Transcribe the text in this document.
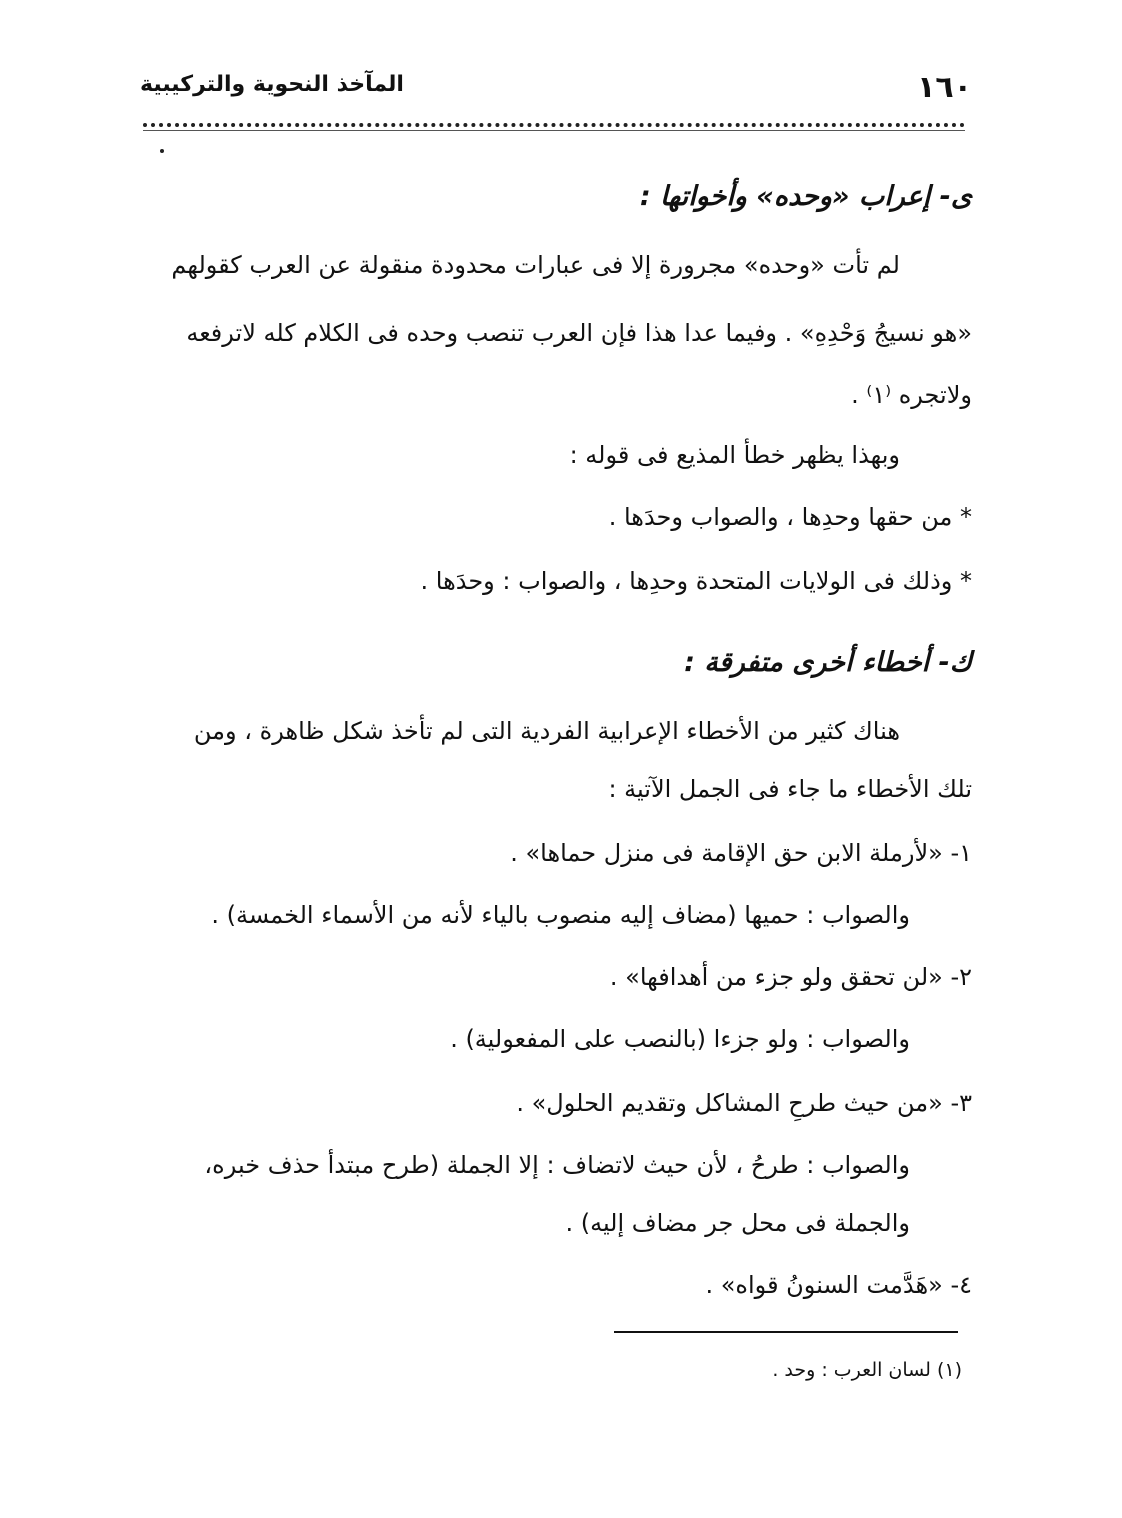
١٦٠
المآخذ النحوية والتركيبية
ى- إعراب «وحده» وأخواتها :
لم تأت «وحده» مجرورة إلا فى عبارات محدودة منقولة عن العرب كقولهم
«هو نسيجُ وَحْدِهِ» . وفيما عدا هذا فإن العرب تنصب وحده فى الكلام كله لاترفعه
ولاتجره ⁽١⁾ .
وبهذا يظهر خطأ المذيع فى قوله :
* من حقها وحدِها ، والصواب وحدَها .
* وذلك فى الولايات المتحدة وحدِها ، والصواب : وحدَها .
ك- أخطاء أخرى متفرقة :
هناك كثير من الأخطاء الإعرابية الفردية التى لم تأخذ شكل ظاهرة ، ومن
تلك الأخطاء ما جاء فى الجمل الآتية :
١- «لأرملة الابن حق الإقامة فى منزل حماها» .
والصواب : حميها (مضاف إليه منصوب بالياء لأنه من الأسماء الخمسة) .
٢- «لن تحقق ولو جزء من أهدافها» .
والصواب : ولو جزءا (بالنصب على المفعولية) .
٣- «من حيث طرحِ المشاكل وتقديم الحلول» .
والصواب : طرحُ ، لأن حيث لاتضاف : إلا الجملة (طرح مبتدأ حذف خبره،
والجملة فى محل جر مضاف إليه) .
٤- «هَدَّمت السنونُ قواه» .
(١) لسان العرب : وحد .
